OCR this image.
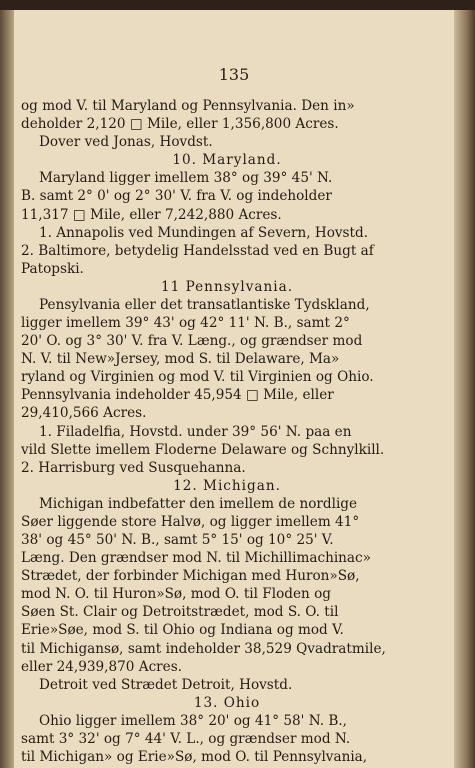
135
og mod V. til Maryland og Pennsylvania. Den in»
deholder 2,120 □ Mile, eller 1,356,800 Acres.
Dover ved Jonas, Hovdst.
10. Maryland.
Maryland ligger imellem 38° og 39° 45' N.
B. samt 2° 0' og 2° 30' V. fra V. og indeholder
11,317 □ Mile, eller 7,242,880 Acres.
1. Annapolis ved Mundingen af Severn, Hovstd.
2. Baltimore, betydelig Handelsstad ved en Bugt af
Patopski.
11 Pennsylvania.
Pensylvania eller det transatlantiske Tydskland,
ligger imellem 39° 43' og 42° 11' N. B., samt 2°
20' O. og 3° 30' V. fra V. Læng., og grændser mod
N. V. til New»Jersey, mod S. til Delaware, Ma»
ryland og Virginien og mod V. til Virginien og Ohio.
Pennsylvania indeholder 45,954 □ Mile, eller
29,410,566 Acres.
1. Filadelfia, Hovstd. under 39° 56' N. paa en
vild Slette imellem Floderne Delaware og Schnylkill.
2. Harrisburg ved Susquehanna.
12. Michigan.
Michigan indbefatter den imellem de nordlige
Søer liggende store Halvø, og ligger imellem 41°
38' og 45° 50' N. B., samt 5° 15' og 10° 25' V.
Læng. Den grændser mod N. til Michillimachinac»
Strædet, der forbinder Michigan med Huron»Sø,
mod N. O. til Huron»Sø, mod O. til Floden og
Søen St. Clair og Detroitstrædet, mod S. O. til
Erie»Søe, mod S. til Ohio og Indiana og mod V.
til Michigansø, samt indeholder 38,529 Qvadratmile,
eller 24,939,870 Acres.
Detroit ved Strædet Detroit, Hovstd.
13. Ohio
Ohio ligger imellem 38° 20' og 41° 58' N. B.,
samt 3° 32' og 7° 44' V. L., og grændser mod N.
til Michigan» og Erie»Sø, mod O. til Pennsylvania,
